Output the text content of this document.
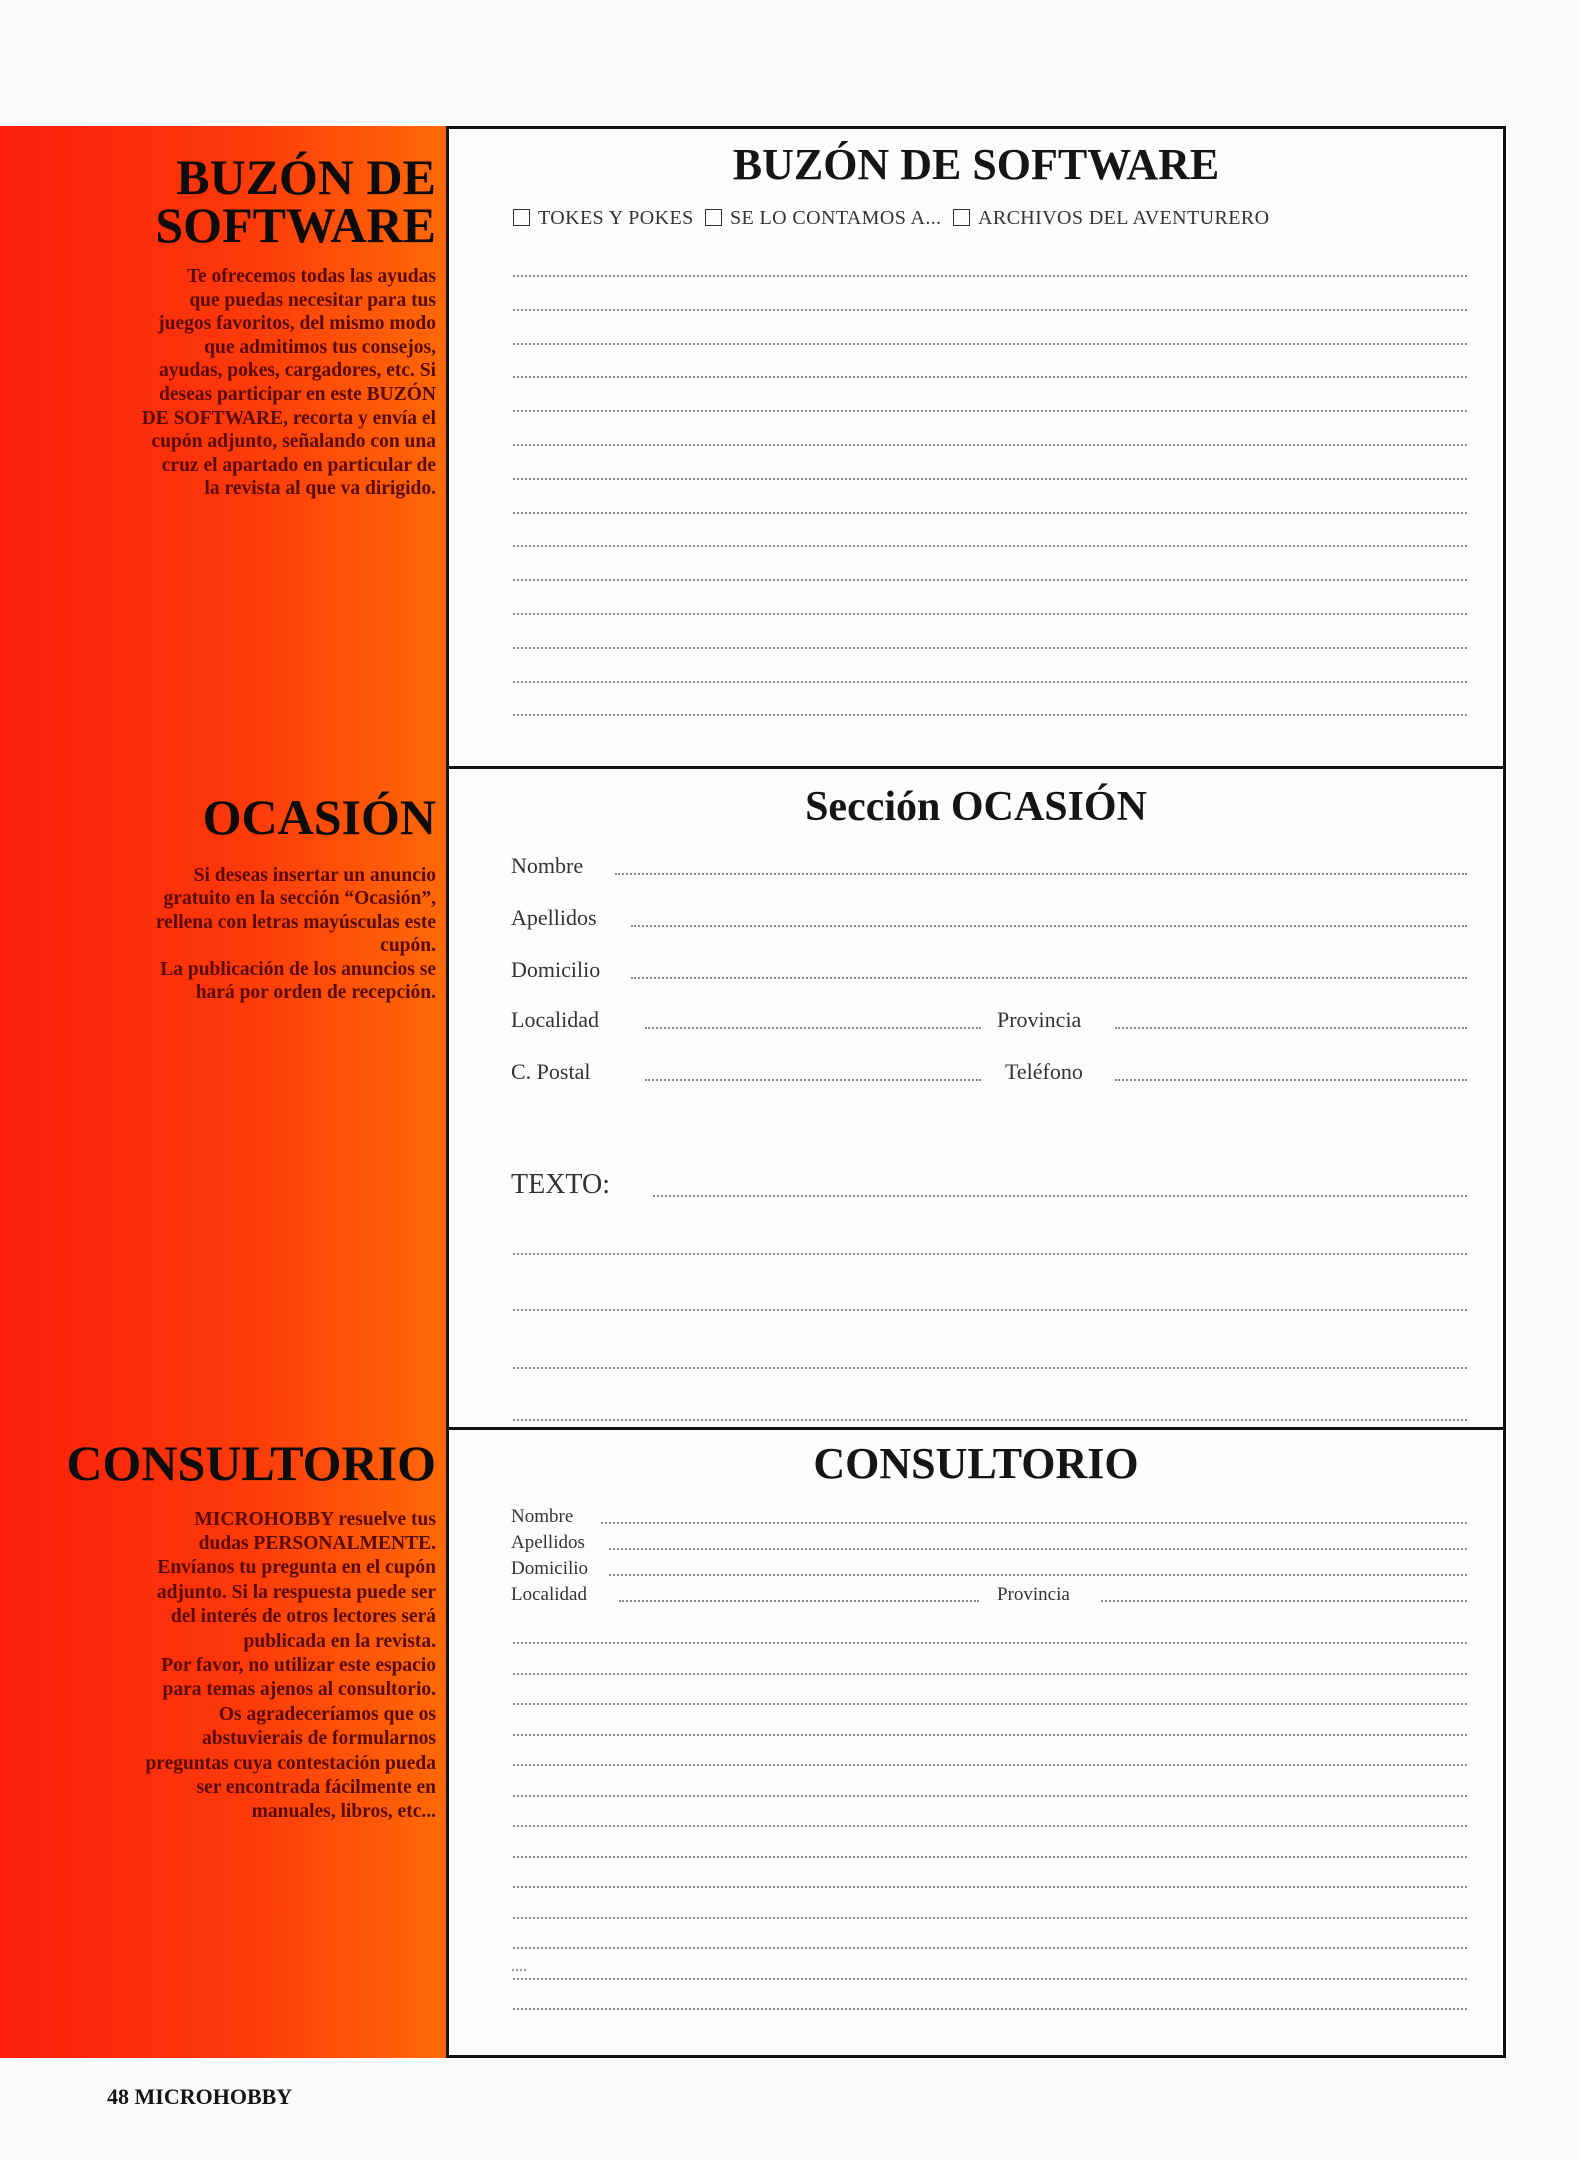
BUZÓN DE
SOFTWARE
Te ofrecemos todas las ayudas
que puedas necesitar para tus
juegos favoritos, del mismo modo
que admitimos tus consejos,
ayudas, pokes, cargadores, etc. Si
deseas participar en este BUZÓN
DE SOFTWARE, recorta y envía el
cupón adjunto, señalando con una
cruz el apartado en particular de
la revista al que va dirigido.
OCASIÓN
Si deseas insertar un anuncio
gratuito en la sección “Ocasión”,
rellena con letras mayúsculas este
cupón.
La publicación de los anuncios se
hará por orden de recepción.
CONSULTORIO
MICROHOBBY resuelve tus
dudas PERSONALMENTE.
Envíanos tu pregunta en el cupón
adjunto. Si la respuesta puede ser
del interés de otros lectores será
publicada en la revista.
Por favor, no utilizar este espacio
para temas ajenos al consultorio.
Os agradeceríamos que os
abstuvierais de formularnos
preguntas cuya contestación pueda
ser encontrada fácilmente en
manuales, libros, etc...
BUZÓN DE SOFTWARE
TOKES Y POKES SE LO CONTAMOS A... ARCHIVOS DEL AVENTURERO
Sección OCASIÓN
Nombre
Apellidos
Domicilio
Localidad	Provincia
C. Postal	Teléfono
TEXTO:
CONSULTORIO
Nombre
Apellidos
Domicilio
Localidad	Provincia
....
48 MICROHOBBY
